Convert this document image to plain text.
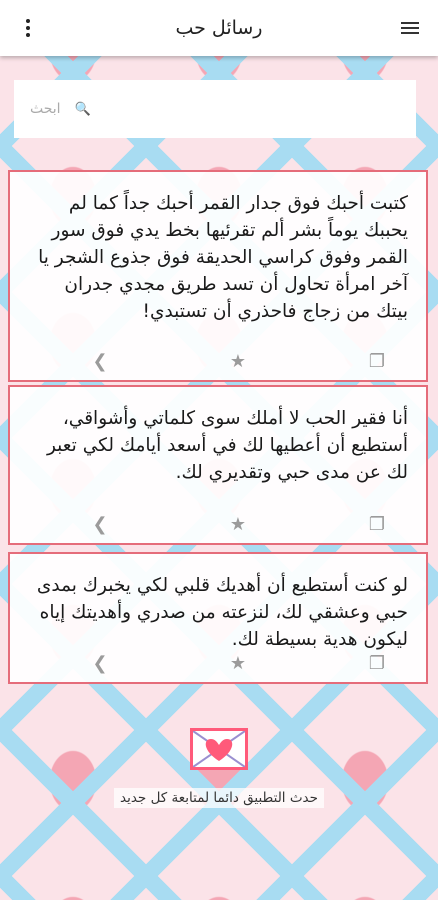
رسائل حب
🔍
ابحث
كتبت أحبك فوق جدار القمر أحبك جداً كما لم يحببك يوماً بشر ألم تقرئيها بخط يدي فوق سور القمر وفوق كراسي الحديقة فوق جذوع الشجر يا آخر امرأة تحاول أن تسد طريق مجدي جدران بيتك من زجاج فاحذري أن تستبدي!
❮	★	❐
أنا فقير الحب لا أملك سوى كلماتي وأشواقي، أستطيع أن أعطيها لك في أسعد أيامك لكي تعبر لك عن مدى حبي وتقديري لك.
❮	★	❐
لو كنت أستطيع أن أهديك قلبي لكي يخبرك بمدى حبي وعشقي لك، لنزعته من صدري وأهديتك إياه ليكون هدية بسيطة لك.
❮	★	❐
حدث التطبيق دائما لمتابعة كل جديد
